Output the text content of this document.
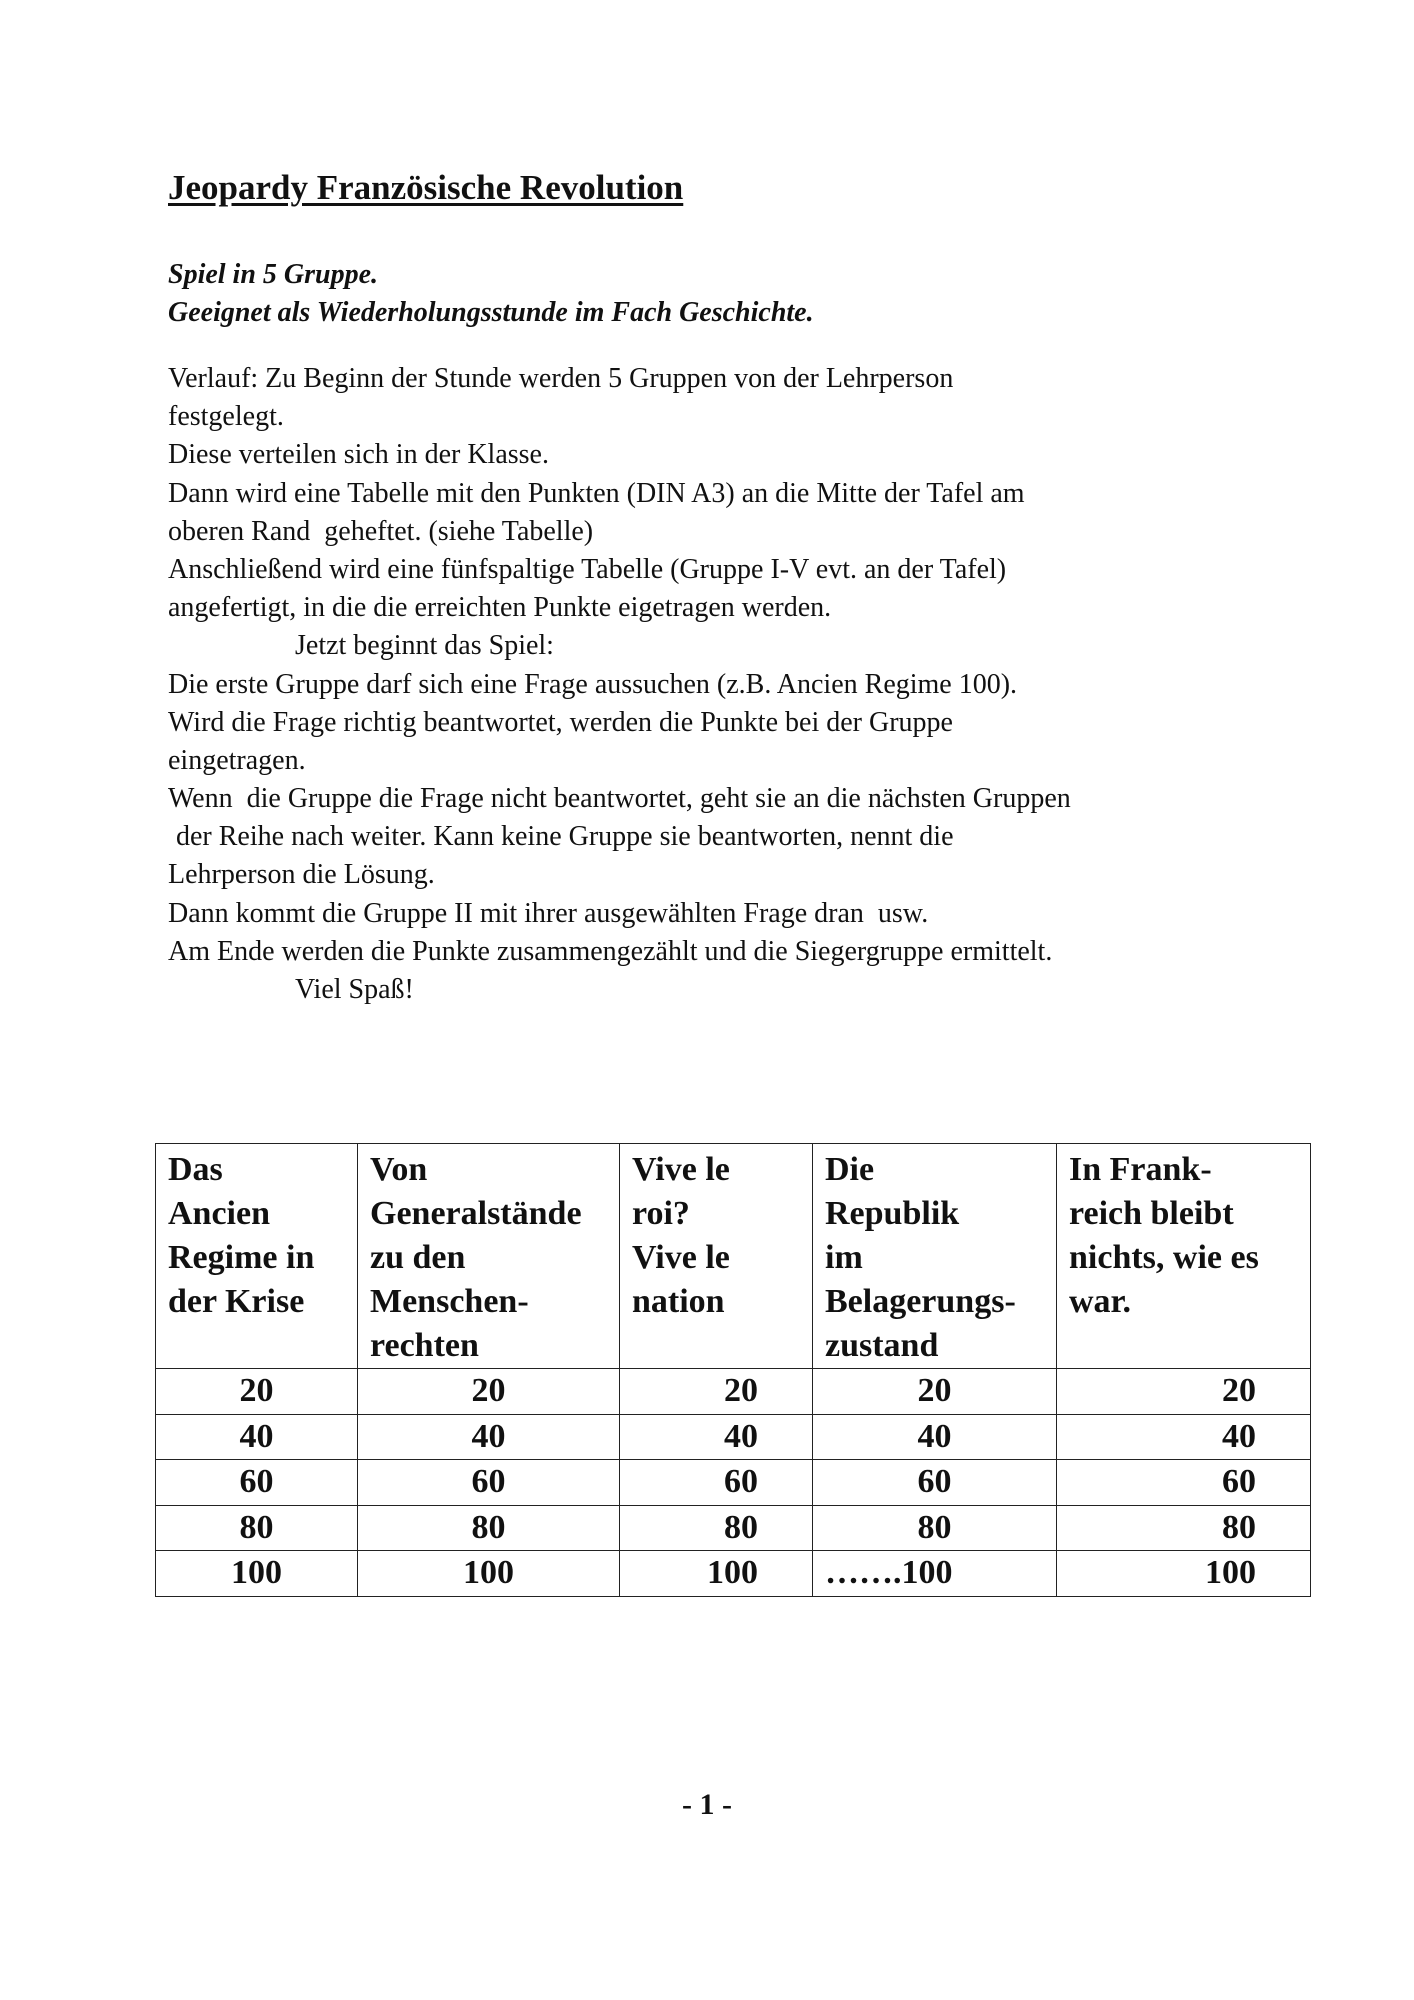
Jeopardy Französische Revolution
Spiel in 5 Gruppe.
Geeignet als Wiederholungsstunde im Fach Geschichte.
Verlauf: Zu Beginn der Stunde werden 5 Gruppen von der Lehrperson
festgelegt.
Diese verteilen sich in der Klasse.
Dann wird eine Tabelle mit den Punkten (DIN A3) an die Mitte der Tafel am
oberen Rand  geheftet. (siehe Tabelle)
Anschließend wird eine fünfspaltige Tabelle (Gruppe I-V evt. an der Tafel)
angefertigt, in die die erreichten Punkte eigetragen werden.
Jetzt beginnt das Spiel:
Die erste Gruppe darf sich eine Frage aussuchen (z.B. Ancien Regime 100).
Wird die Frage richtig beantwortet, werden die Punkte bei der Gruppe
eingetragen.
Wenn  die Gruppe die Frage nicht beantwortet, geht sie an die nächsten Gruppen
der Reihe nach weiter. Kann keine Gruppe sie beantworten, nennt die
Lehrperson die Lösung.
Dann kommt die Gruppe II mit ihrer ausgewählten Frage dran  usw.
Am Ende werden die Punkte zusammengezählt und die Siegergruppe ermittelt.
Viel Spaß!
Das
Ancien
Regime in
der Krise	Von
Generalstände
zu den
Menschen-
rechten	Vive le
roi?
Vive le
nation	Die
Republik
im
Belagerungs-
zustand	In Frank-
reich bleibt
nichts, wie es
war.

20	20	20	20	20
40	40	40	40	40
60	60	60	60	60
80	80	80	80	80
100	100	100	…….100	100

- 1 -
